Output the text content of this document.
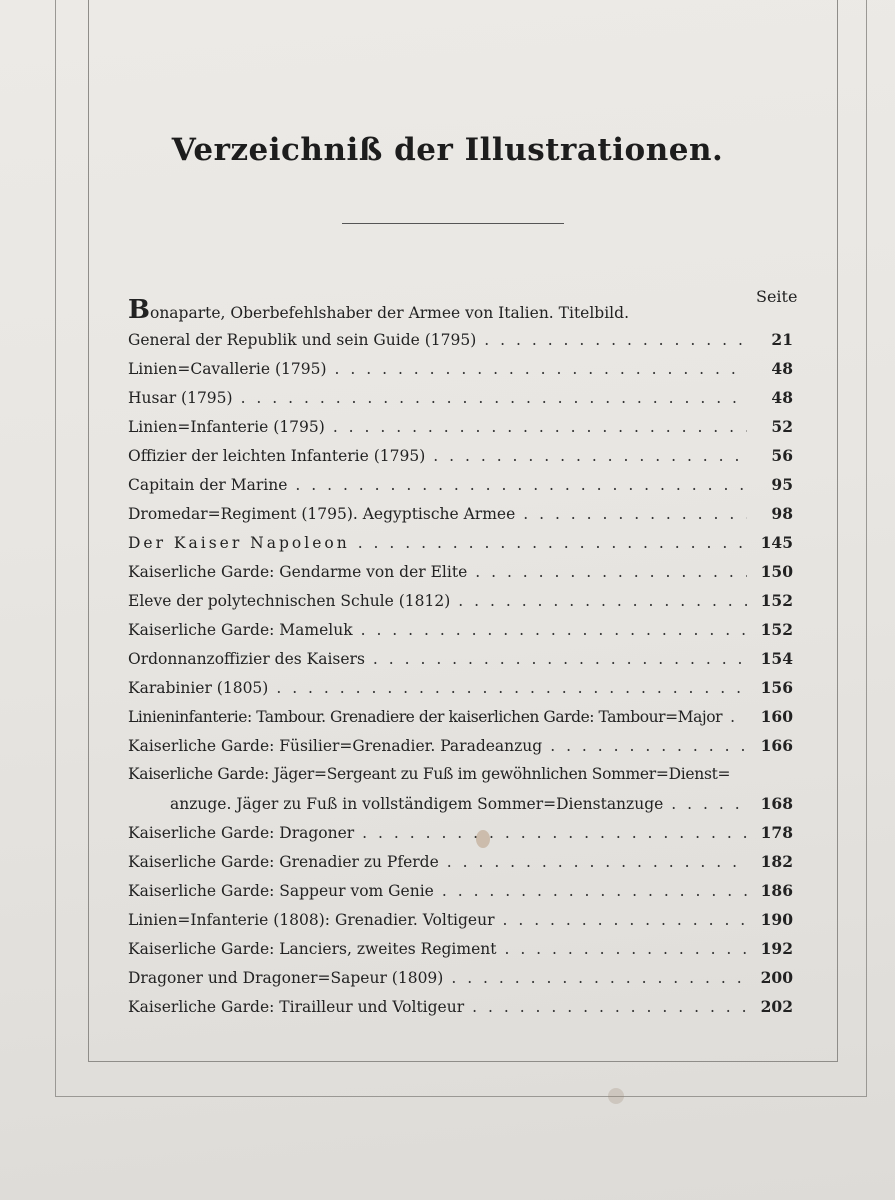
Verzeichniß der Illustrationen.
Seite
Bonaparte, Oberbefehlshaber der Armee von Italien. Titelbild.
General der Republik und sein Guide (1795) . . .	21
Linien=Cavallerie (1795) . . .	48
Husar (1795) . . .	48
Linien=Infanterie (1795) . . .	52
Offizier der leichten Infanterie (1795) . . .	56
Capitain der Marine . . .	95
Dromedar=Regiment (1795). Aegyptische Armee . . .	98
Der Kaiser Napoleon . . .	145
Kaiserliche Garde: Gendarme von der Elite . . .	150
Eleve der polytechnischen Schule (1812) . . .	152
Kaiserliche Garde: Mameluk . . .	152
Ordonnanzoffizier des Kaisers . . .	154
Karabinier (1805) . . .	156
Linieninfanterie: Tambour. Grenadiere der kaiserlichen Garde: Tambour=Major . . .	160
Kaiserliche Garde: Füsilier=Grenadier. Paradeanzug . . .	166
Kaiserliche Garde: Jäger=Sergeant zu Fuß im gewöhnlichen Sommer=Dienst=
anzuge. Jäger zu Fuß in vollständigem Sommer=Dienstanzuge . . .	168
Kaiserliche Garde: Dragoner . . .	178
Kaiserliche Garde: Grenadier zu Pferde . . .	182
Kaiserliche Garde: Sappeur vom Genie . . .	186
Linien=Infanterie (1808): Grenadier. Voltigeur . . .	190
Kaiserliche Garde: Lanciers, zweites Regiment . . .	192
Dragoner und Dragoner=Sapeur (1809) . . .	200
Kaiserliche Garde: Tirailleur und Voltigeur . . .	202
